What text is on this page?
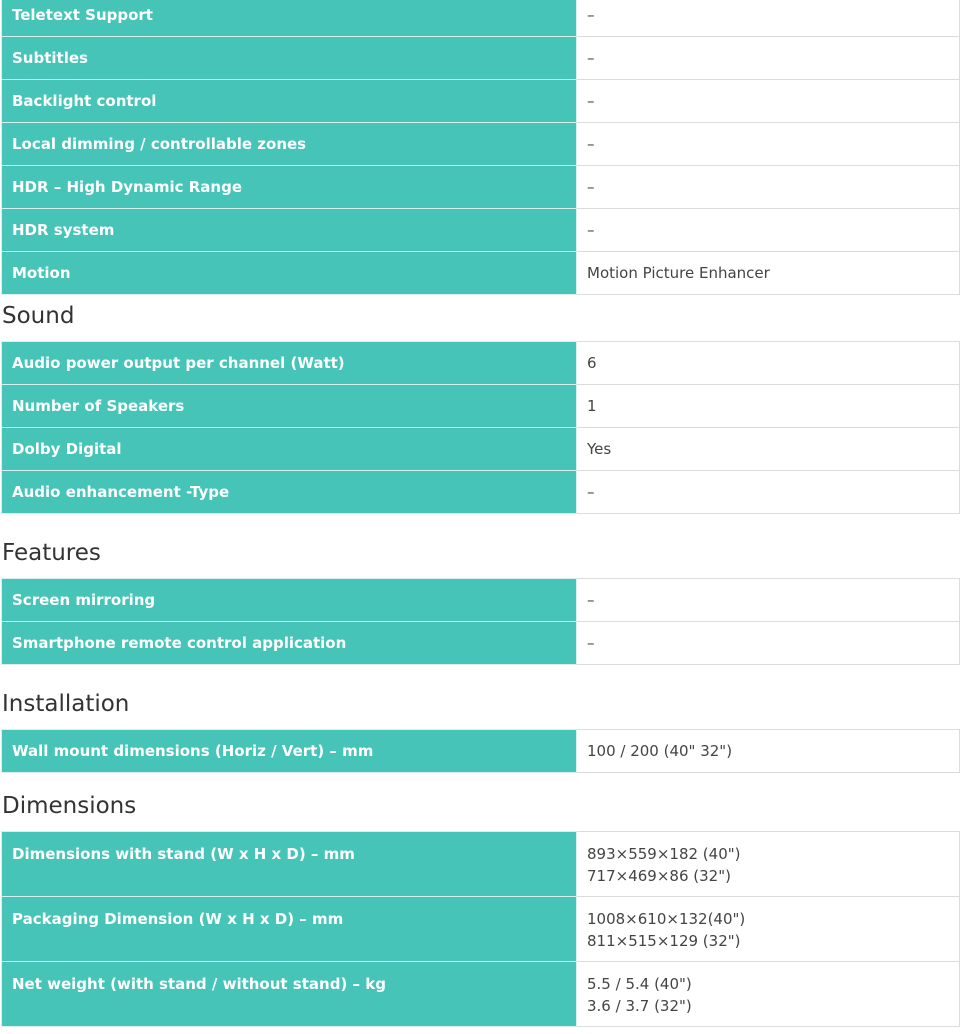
Teletext Support	–
Subtitles	–
Backlight control	–
Local dimming / controllable zones	–
HDR – High Dynamic Range	–
HDR system	–
Motion	Motion Picture Enhancer
Sound
Audio power output per channel (Watt)	6
Number of Speakers	1
Dolby Digital	Yes
Audio enhancement -Type	–
Features
Screen mirroring	–
Smartphone remote control application	–
Installation
Wall mount dimensions (Horiz / Vert) – mm	100 / 200 (40" 32")
Dimensions
Dimensions with stand (W x H x D) – mm	893×559×182 (40")
717×469×86 (32")

Packaging Dimension (W x H x D) – mm	1008×610×132(40")
811×515×129 (32")

Net weight (with stand / without stand) – kg	5.5 / 5.4 (40")
3.6 / 3.7 (32")
